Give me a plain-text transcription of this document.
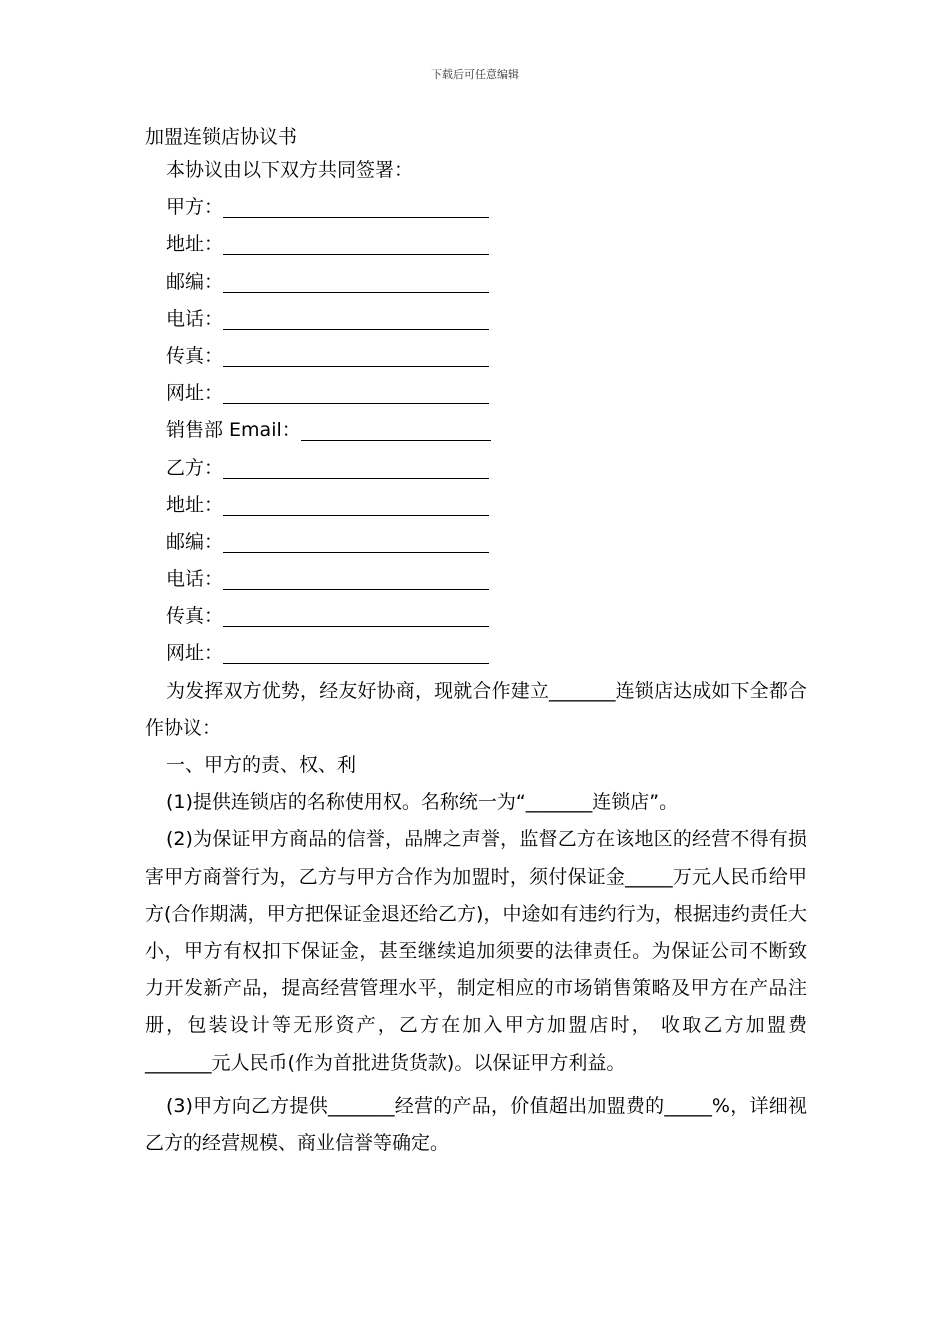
下载后可任意编辑
加盟连锁店协议书
本协议由以下双方共同签署：
甲方：
地址：
邮编：
电话：
传真：
网址：
销售部 Email：
乙方：
地址：
邮编：
电话：
传真：
网址：
为发挥双方优势，经友好协商，现就合作建立_______连锁店达成如下全都合作协议：
一、甲方的责、权、利
(1)提供连锁店的名称使用权。名称统一为“_______连锁店”。
(2)为保证甲方商品的信誉，品牌之声誉，监督乙方在该地区的经营不得有损害甲方商誉行为，乙方与甲方合作为加盟时，须付保证金_____万元人民币给甲方(合作期满，甲方把保证金退还给乙方)，中途如有违约行为，根据违约责任大小，甲方有权扣下保证金，甚至继续追加须要的法律责任。为保证公司不断致力开发新产品，提高经营管理水平，制定相应的市场销售策略及甲方在产品注册，包装设计等无形资产，乙方在加入甲方加盟店时， 收取乙方加盟费 _______元人民币(作为首批进货货款)。以保证甲方利益。
(3)甲方向乙方提供_______经营的产品，价值超出加盟费的_____%，详细视乙方的经营规模、商业信誉等确定。
